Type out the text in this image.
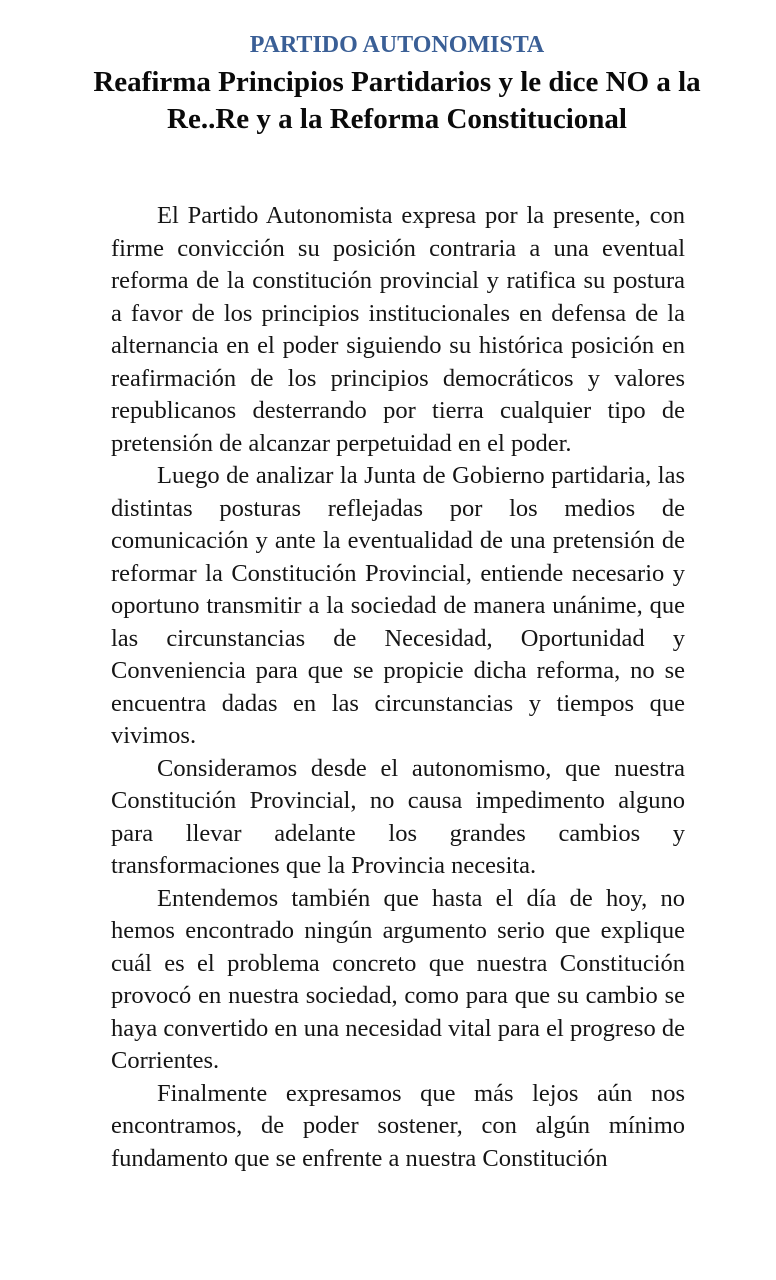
PARTIDO AUTONOMISTA
Reafirma Principios Partidarios y le dice NO a la Re..Re y a la Reforma Constitucional

El Partido Autonomista expresa por la presente, con firme convicción su posición contraria a una eventual reforma de la constitución provincial y ratifica su postura a favor de los principios institucionales en defensa de la alternancia en el poder siguiendo su histórica posición en reafirmación de los principios democráticos y valores republicanos desterrando por tierra cualquier tipo de pretensión de alcanzar perpetuidad en el poder.

Luego de analizar la Junta de Gobierno partidaria, las distintas posturas reflejadas por los medios de comunicación y ante la eventualidad de una pretensión de reformar la Constitución Provincial, entiende necesario y oportuno transmitir a la sociedad de manera unánime, que las circunstancias de Necesidad, Oportunidad y Conveniencia para que se propicie dicha reforma, no se encuentra dadas en las circunstancias y tiempos que vivimos.

Consideramos desde el autonomismo, que nuestra Constitución Provincial, no causa impedimento alguno para llevar adelante los grandes cambios y transformaciones que la Provincia necesita.

Entendemos también que hasta el día de hoy, no hemos encontrado ningún argumento serio que explique cuál es el problema concreto que nuestra Constitución provocó en nuestra sociedad, como para que su cambio se haya convertido en una necesidad vital para el progreso de Corrientes.

Finalmente expresamos que más lejos aún nos encontramos, de poder sostener, con algún mínimo fundamento que se enfrente a nuestra Constitución
